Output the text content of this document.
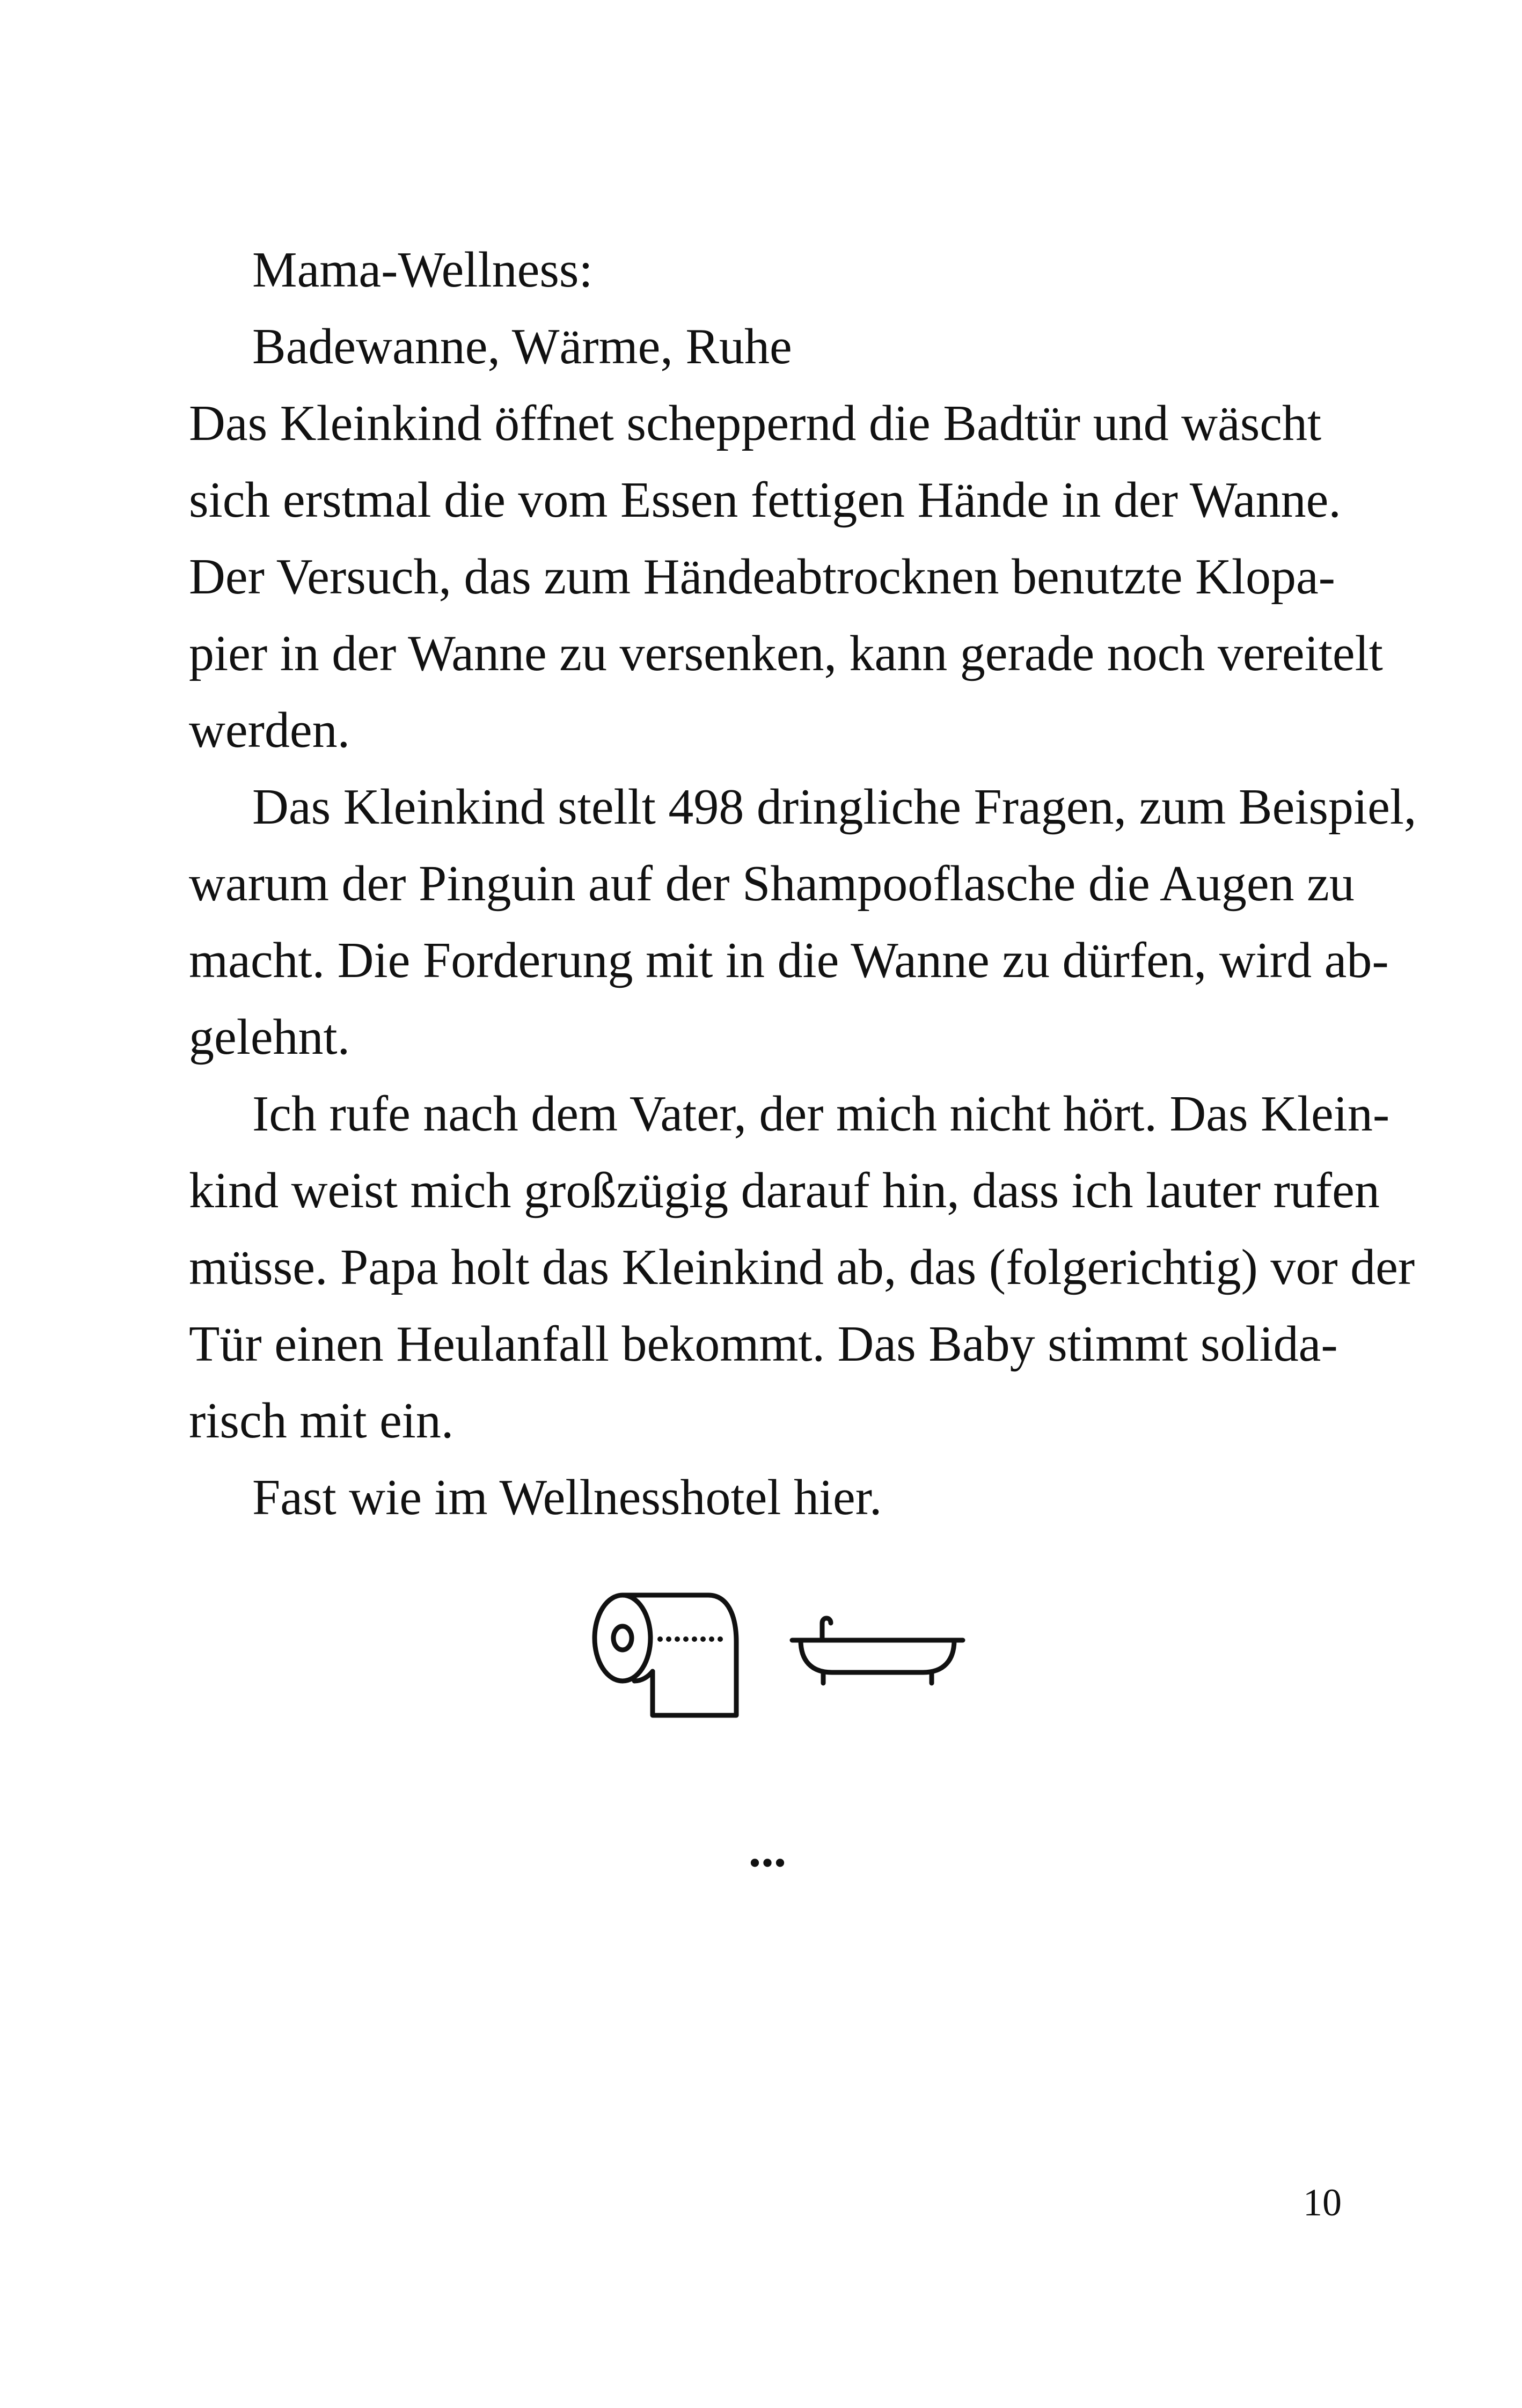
Mama-Wellness:
Badewanne, Wärme, Ruhe
Das Kleinkind öffnet scheppernd die Badtür und wäscht
sich erstmal die vom Essen fettigen Hände in der Wanne.
Der Versuch, das zum Händeabtrocknen benutzte Klopa-
pier in der Wanne zu versenken, kann gerade noch vereitelt
werden.
Das Kleinkind stellt 498 dringliche Fragen, zum Beispiel,
warum der Pinguin auf der Shampooflasche die Augen zu
macht. Die Forderung mit in die Wanne zu dürfen, wird ab-
gelehnt.
Ich rufe nach dem Vater, der mich nicht hört. Das Klein-
kind weist mich großzügig darauf hin, dass ich lauter rufen
müsse. Papa holt das Kleinkind ab, das (folgerichtig) vor der
Tür einen Heulanfall bekommt. Das Baby stimmt solida-
risch mit ein.
Fast wie im Wellnesshotel hier.
...
10
